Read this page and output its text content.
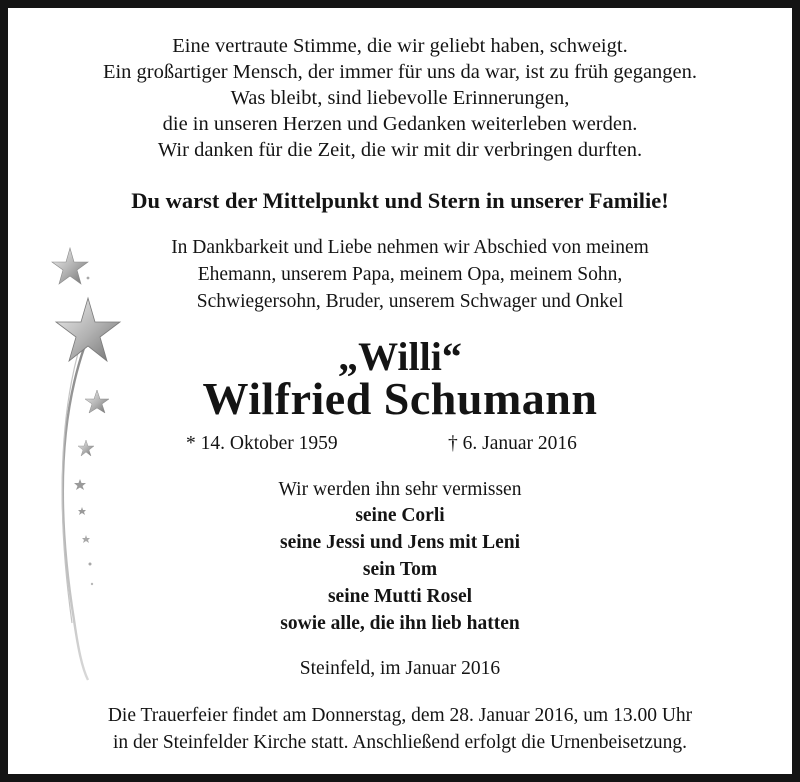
Eine vertraute Stimme, die wir geliebt haben, schweigt.
Ein großartiger Mensch, der immer für uns da war, ist zu früh gegangen.
Was bleibt, sind liebevolle Erinnerungen,
die in unseren Herzen und Gedanken weiterleben werden.
Wir danken für die Zeit, die wir mit dir verbringen durften.
Du warst der Mittelpunkt und Stern in unserer Familie!
In Dankbarkeit und Liebe nehmen wir Abschied von meinem
Ehemann, unserem Papa, meinem Opa, meinem Sohn,
Schwiegersohn, Bruder, unserem Schwager und Onkel
„Willi“
Wilfried Schumann
* 14. Oktober 1959	† 6. Januar 2016
Wir werden ihn sehr vermissen
seine Corli
seine Jessi und Jens mit Leni
sein Tom
seine Mutti Rosel
sowie alle, die ihn lieb hatten
Steinfeld, im Januar 2016
Die Trauerfeier findet am Donnerstag, dem 28. Januar 2016, um 13.00 Uhr
in der Steinfelder Kirche statt. Anschließend erfolgt die Urnenbeisetzung.
